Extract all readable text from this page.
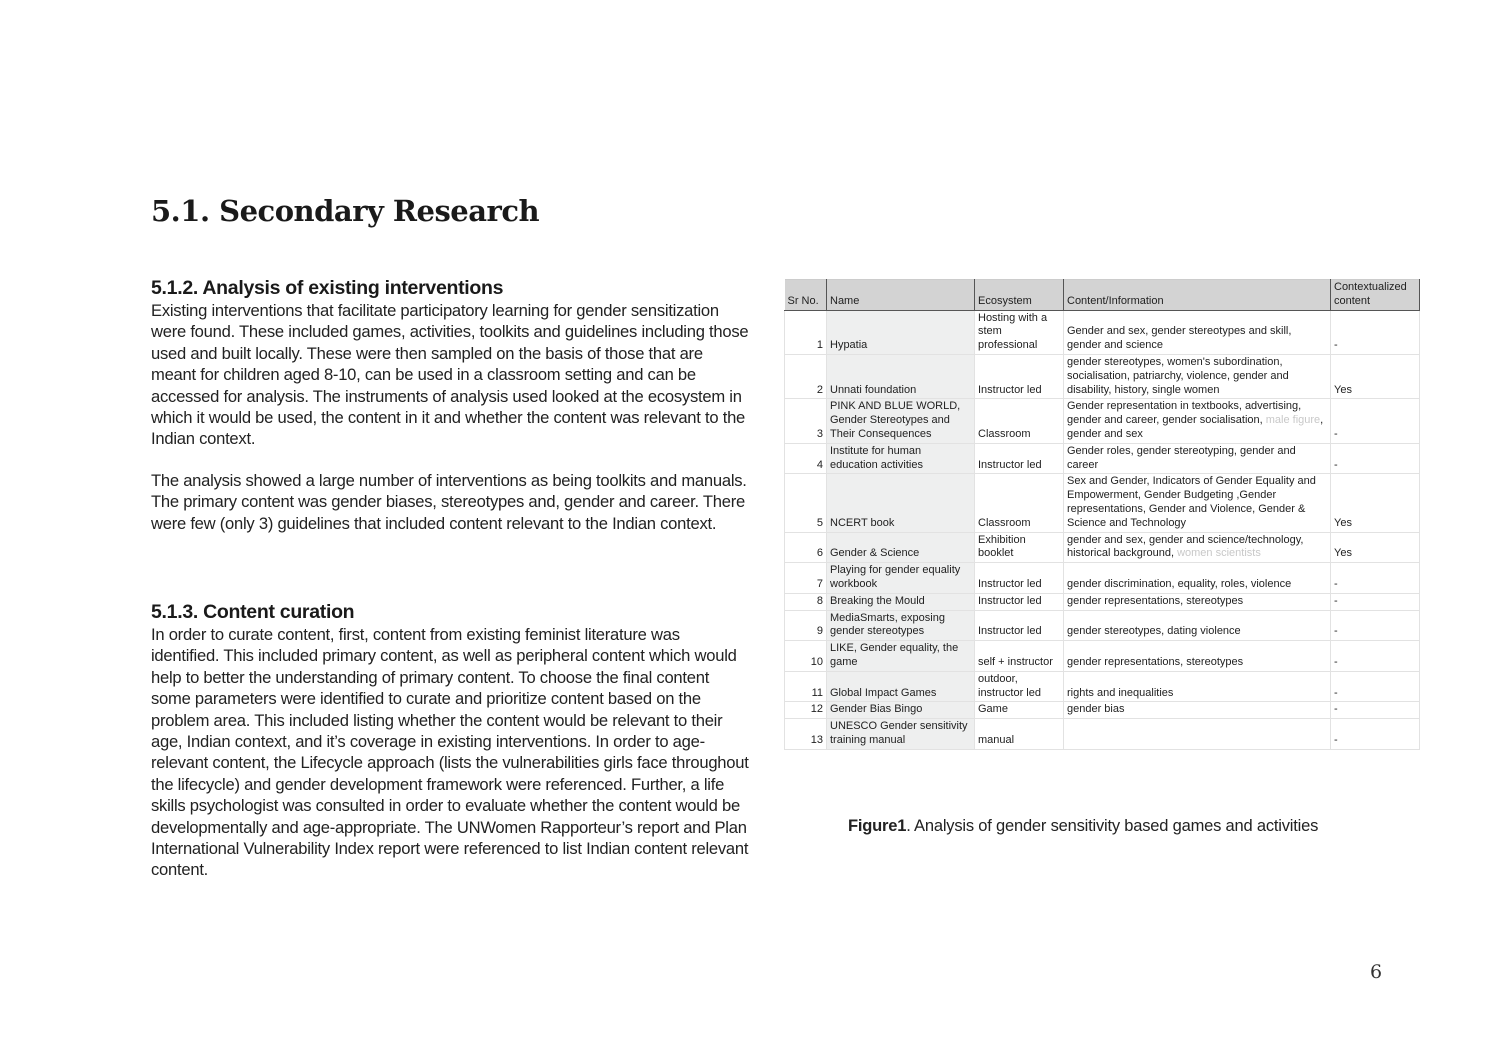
5.1. Secondary Research
5.1.2. Analysis of existing interventions

Existing interventions that facilitate participatory learning for gender sensitization were found. These included games, activities, toolkits and guidelines including those used and built locally. These were then sampled on the basis of those that are meant for children aged 8-10, can be used in a classroom setting and can be accessed for analysis. The instruments of analysis used looked at the ecosystem in which it would be used, the content in it and whether the content was relevant to the Indian context.

The analysis showed a large number of interventions as being toolkits and manuals. The primary content was gender biases, stereotypes and, gender and career. There were few (only 3) guidelines that included content relevant to the Indian context.

5.1.3. Content curation

In order to curate content, first, content from existing feminist literature was identified. This included primary content, as well as peripheral content which would help to better the understanding of primary content. To choose the final content some parameters were identified to curate and prioritize content based on the problem area. This included listing whether the content would be relevant to their age, Indian context, and it’s coverage in existing interventions. In order to age-relevant content, the Lifecycle approach (lists the vulnerabilities girls face throughout the lifecycle) and gender development framework were referenced. Further, a life skills psychologist was consulted in order to evaluate whether the content would be developmentally and age-appropriate. The UNWomen Rapporteur’s report and Plan International Vulnerability Index report were referenced to list Indian content relevant content.

Sr No.	Name	Ecosystem	Content/Information	Contextualized content
1	Hypatia	Hosting with a stem professional	Gender and sex, gender stereotypes and skill, gender and science	-
2	Unnati foundation	Instructor led	gender stereotypes, women's subordination, socialisation, patriarchy, violence, gender and disability, history, single women	Yes
3	PINK AND BLUE WORLD, Gender Stereotypes and Their Consequences	Classroom	Gender representation in textbooks, advertising, gender and career, gender socialisation, male figure, gender and sex	-
4	Institute for human education activities	Instructor led	Gender roles, gender stereotyping, gender and career	-
5	NCERT book	Classroom	Sex and Gender, Indicators of Gender Equality and Empowerment, Gender Budgeting ,Gender representations, Gender and Violence, Gender & Science and Technology	Yes
6	Gender & Science	Exhibition booklet	gender and sex, gender and science/technology, historical background, women scientists	Yes
7	Playing for gender equality workbook	Instructor led	gender discrimination, equality, roles, violence	-
8	Breaking the Mould	Instructor led	gender representations, stereotypes	-
9	MediaSmarts, exposing gender stereotypes	Instructor led	gender stereotypes, dating violence	-
10	LIKE, Gender equality, the game	self + instructor	gender representations, stereotypes	-
11	Global Impact Games	outdoor, instructor led	rights and inequalities	-
12	Gender Bias Bingo	Game	gender bias	-
13	UNESCO Gender sensitivity training manual	manual		-
Figure1. Analysis of gender sensitivity based games and activities
6
